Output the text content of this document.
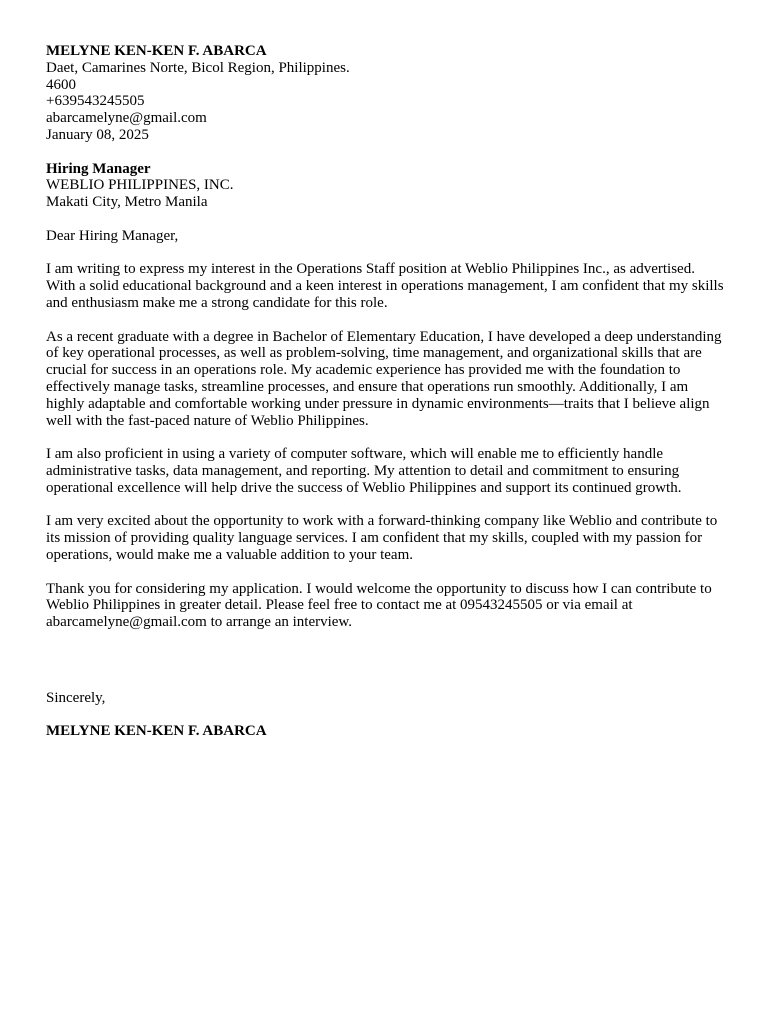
MELYNE KEN-KEN F. ABARCA
Daet, Camarines Norte, Bicol Region, Philippines.
4600
+639543245505
abarcamelyne@gmail.com
January 08, 2025
Hiring Manager
WEBLIO PHILIPPINES, INC.
Makati City, Metro Manila

Dear Hiring Manager,

I am writing to express my interest in the Operations Staff position at Weblio Philippines Inc., as advertised. With a solid educational background and a keen interest in operations management, I am confident that my skills and enthusiasm make me a strong candidate for this role.

As a recent graduate with a degree in Bachelor of Elementary Education, I have developed a deep understanding of key operational processes, as well as problem-solving, time management, and organizational skills that are crucial for success in an operations role. My academic experience has provided me with the foundation to effectively manage tasks, streamline processes, and ensure that operations run smoothly. Additionally, I am highly adaptable and comfortable working under pressure in dynamic environments—traits that I believe align well with the fast-paced nature of Weblio Philippines.

I am also proficient in using a variety of computer software, which will enable me to efficiently handle administrative tasks, data management, and reporting. My attention to detail and commitment to ensuring operational excellence will help drive the success of Weblio Philippines and support its continued growth.

I am very excited about the opportunity to work with a forward-thinking company like Weblio and contribute to its mission of providing quality language services. I am confident that my skills, coupled with my passion for operations, would make me a valuable addition to your team.

Thank you for considering my application. I would welcome the opportunity to discuss how I can contribute to Weblio Philippines in greater detail. Please feel free to contact me at 09543245505 or via email at abarcamelyne@gmail.com to arrange an interview.

Sincerely,

MELYNE KEN-KEN F. ABARCA
